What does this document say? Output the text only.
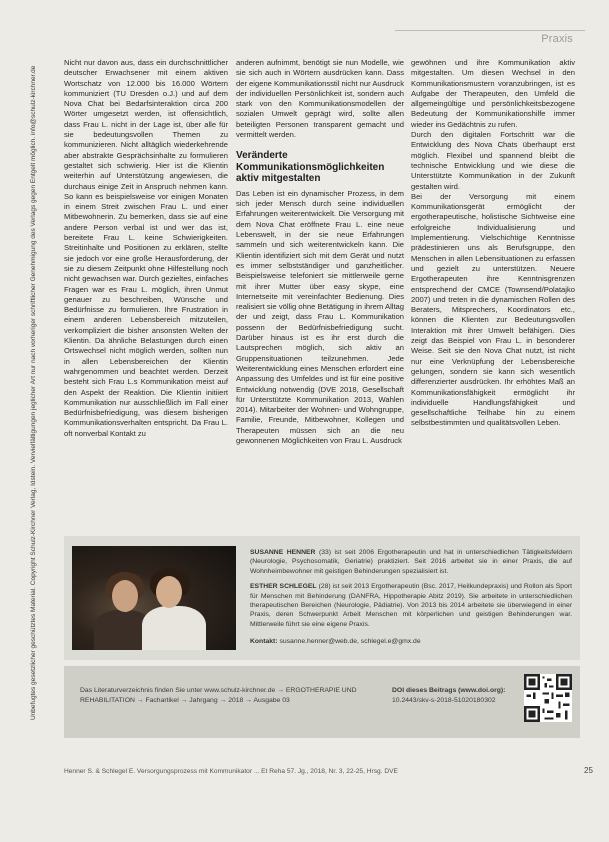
Unbefugtes gesetzlicher geschütztes Material. Copyright Schulz-Kirchner Verlag, Idstein. Vervielfältigungen jeglicher Art nur nach vorheriger schriftlicher Genehmigung des Verlags gegen Entgelt möglich. info@schulz-kirchner.de
Praxis

Nicht nur davon aus, dass ein durchschnittlicher deutscher Erwachsener mit einem aktiven Wortschatz von 12.000 bis 16.000 Wörtern kommuniziert (TU Dresden o.J.) und auf dem Nova Chat bei Bedarfsinteraktion circa 200 Wörter umgesetzt werden, ist offensichtlich, dass Frau L. nicht in der Lage ist, über alle für sie bedeutungsvollen Themen zu kommunizieren. Nicht alltäglich wiederkehrende aber abstrakte Gesprächsinhalte zu formulieren gestaltet sich schwierig. Hier ist die Klientin weiterhin auf Unterstützung angewiesen, die durchaus einige Zeit in Anspruch nehmen kann. So kann es beispielsweise vor einigen Monaten in einem Streit zwischen Frau L. und einer Mitbewohnerin. Zu bemerken, dass sie auf eine andere Person verbal ist und wer das ist, bereitete Frau L. keine Schwierigkeiten. Streitinhalte und Positionen zu erklären, stellte sie jedoch vor eine große Herausforderung, der sie zu diesem Zeitpunkt ohne Hilfestellung noch nicht gewachsen war. Durch gezieltes, einfaches Fragen war es Frau L. möglich, ihren Unmut genauer zu beschreiben, Wünsche und Bedürfnisse zu formulieren. Ihre Frustration in einem anderen Lebensbereich mitzuteilen, verkompliziert die bisher ansonsten Welten der Klientin. Da ähnliche Belastungen durch einen Ortswechsel nicht möglich werden, sollten nun in allen Lebensbereichen der Klientin wahrgenommen und beachtet werden. Derzeit besteht sich Frau L.s Kommunikation meist auf den Aspekt der Reaktion. Die Klientin initiiert Kommunikation nur ausschließlich im Fall einer Bedürfnisbefriedigung, was diesem bisherigen Kommunikationsverhalten entspricht. Da Frau L. oft nonverbal Kontakt zu

anderen aufnimmt, benötigt sie nun Modelle, wie sie sich auch in Wörtern ausdrücken kann. Dass der eigene Kommunikationsstil nicht nur Ausdruck der individuellen Persönlichkeit ist, sondern auch stark von den Kommunikationsmodellen der sozialen Umwelt geprägt wird, sollte allen beteiligten Personen transparent gemacht und vermittelt werden.

Veränderte Kommunikationsmöglichkeiten aktiv mitgestalten

Das Leben ist ein dynamischer Prozess, in dem sich jeder Mensch durch seine individuellen Erfahrungen weiterentwickelt. Die Versorgung mit dem Nova Chat eröffnete Frau L. eine neue Lebenswelt, in der sie neue Erfahrungen sammeln und sich weiterentwickeln kann. Die Klientin identifiziert sich mit dem Gerät und nutzt es immer selbstständiger und ganzheitlicher. Beispielsweise telefoniert sie mittlerweile gerne mit ihrer Mutter über easy skype, eine Internetseite mit vereinfachter Bedienung. Dies realisiert sie völlig ohne Betätigung in ihrem Alltag der und zeigt, dass Frau L. Kommunikation possenn der Bedürfnisbefriedigung sucht. Darüber hinaus ist es ihr erst durch die Lautsprechen möglich, sich aktiv an Gruppensituationen teilzunehmen. Jede Weiterentwicklung eines Menschen erfordert eine Anpassung des Umfeldes und ist für eine positive Entwicklung notwendig (DVE 2018, Gesellschaft für Unterstützte Kommunikation 2013, Wahlen 2014). Mitarbeiter der Wohnen- und Wohngruppe, Familie, Freunde, Mitbewohner, Kollegen und Therapeuten müssen sich an die neu gewonnenen Möglichkeiten von Frau L. Ausdruck

gewöhnen und ihre Kommunikation aktiv mitgestalten. Um diesen Wechsel in den Kommunikationsmustern voranzubringen, ist es Aufgabe der Therapeuten, den Umfeld die allgemeingültige und persönlichkeitsbezogene Bedeutung der Kommunikationshilfe immer wieder ins Gedächtnis zu rufen.

Durch den digitalen Fortschritt war die Entwicklung des Nova Chats überhaupt erst möglich. Flexibel und spannend bleibt die technische Entwicklung und wie diese die Unterstützte Kommunikation in der Zukunft gestalten wird.

Bei der Versorgung mit einem Kommunikationsgerät ermöglicht der ergotherapeutische, holistische Sichtweise eine erfolgreiche Individualisierung und Implementierung. Vielschichtige Kenntnisse prädestinieren uns als Berufsgruppe, den Menschen in allen Lebensituationen zu erfassen und gezielt zu unterstützen. Neuere Ergotherapeuten ihre Kenntnisgrenzen entsprechend der CMCE (Townsend/Polatajko 2007) und treten in die dynamischen Rollen des Beraters, Mitsprechers, Koordinators etc., können die Klienten zur Bedeutungsvollen Interaktion mit ihrer Umwelt befähigen. Dies zeigt das Beispiel von Frau L. in besonderer Weise. Seit sie den Nova Chat nutzt, ist nicht nur eine Verknüpfung der Lebensbereiche gelungen, sondern sie kann sich wesentlich differenzierter ausdrücken. Ihr erhöhtes Maß an Kommunikationsfähigkeit ermöglicht ihr individuelle Handlungsfähigkeit und gesellschaftliche Teilhabe hin zu einem selbstbestimmten und qualitätsvollen Leben.

SUSANNE HENNER (33) ist seit 2006 Ergotherapeutin und hat in unterschiedlichen Tätigkeitsfeldern (Neurologie, Psychosomatik, Geriatrie) praktiziert. Seit 2016 arbeitet sie in einer Praxis, die auf Wohnheimbewohner mit geistigen Behinderungen spezialisiert ist.

ESTHER SCHLEGEL (28) ist seit 2013 Ergotherapeutin (Bsc. 2017, Heilkundepraxis) und Rollon als Sport für Menschen mit Behinderung (DANFRA, Hippotherapie Abitz 2019). Sie arbeitete in unterschiedlichen therapeutischen Bereichen (Neurologie, Pädiatrie). Von 2013 bis 2014 arbeitete sie überwiegend in einer Praxis, deren Schwerpunkt Arbeit Menschen mit körperlichen und geistigen Behinderungen war. Mittlerweile führt sie eine eigene Praxis.

Kontakt: susanne.henner@web.de, schlegel.e@gmx.de

Das Literaturverzeichnis finden Sie unter www.schulz-kirchner.de → ERGOTHERAPIE UND REHABILITATION → Fachartikel → Jahrgang → 2018 → Ausgabe 03
DOI dieses Beitrags (www.doi.org):
10.2443/skv-s-2018-51020180302
Henner S. & Schlegel E. Versorgungsprozess mit Kommunikator ... Et Reha 57. Jg., 2018, Nr. 3, 22-25, Hrsg. DVE	25
